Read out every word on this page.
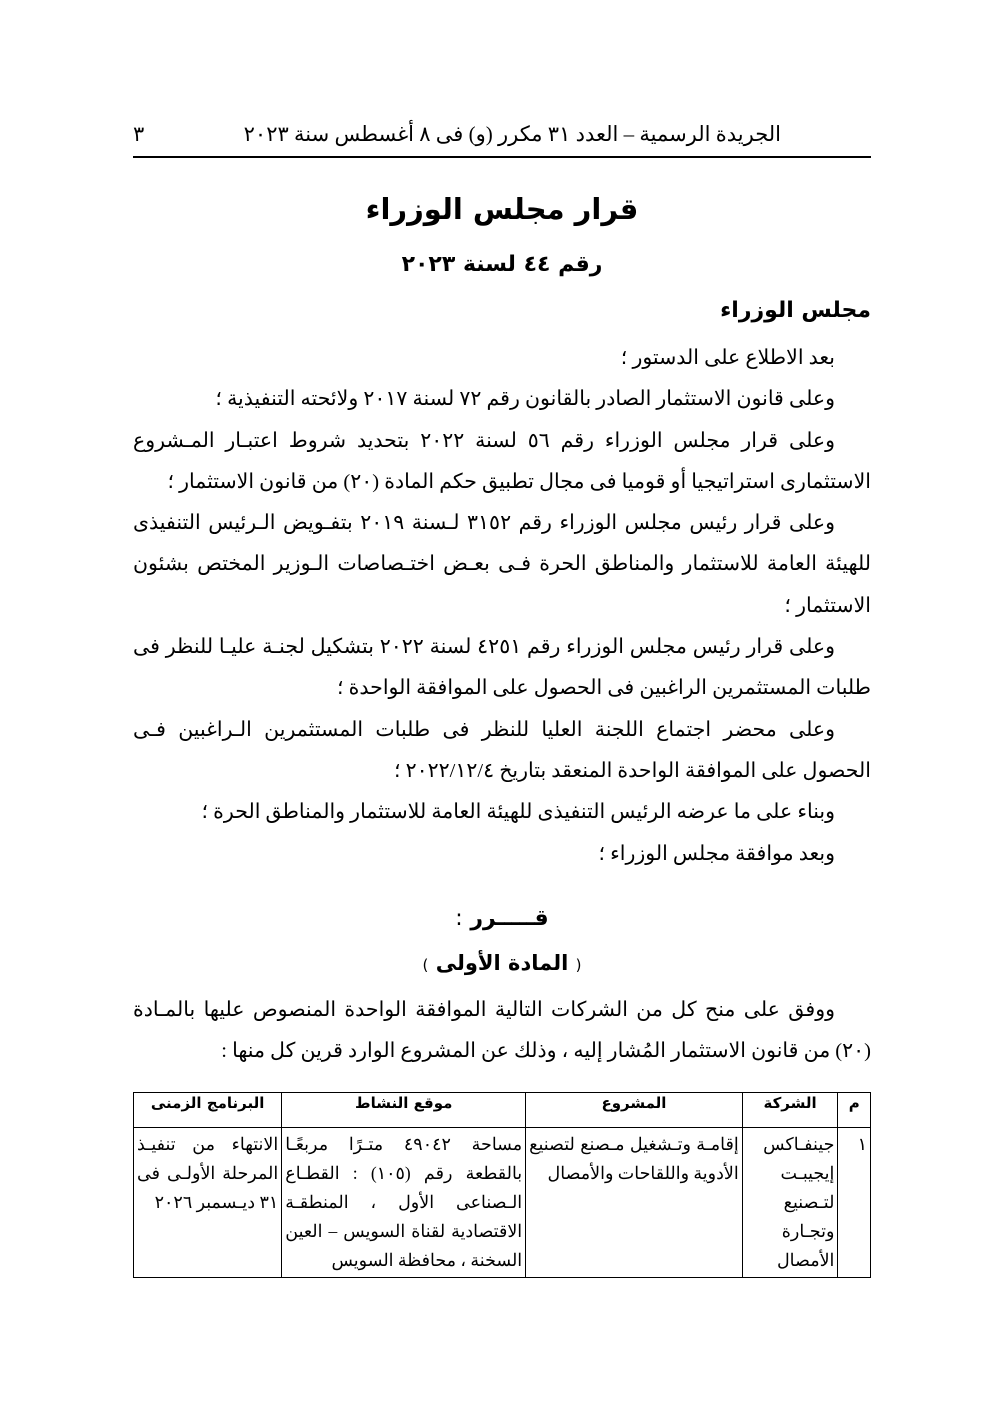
الجريدة الرسمية – العدد ٣١ مكرر (و) فى ٨ أغسطس سنة ٢٠٢٣
٣
قرار مجلس الوزراء
رقم ٤٤ لسنة ٢٠٢٣
مجلس الوزراء

بعد الاطلاع على الدستور ؛

وعلى قانون الاستثمار الصادر بالقانون رقم ٧٢ لسنة ٢٠١٧ ولائحته التنفيذية ؛

وعلى قرار مجلس الوزراء رقم ٥٦ لسنة ٢٠٢٢ بتحديد شروط اعتبـار المـشروع الاستثمارى استراتيجيا أو قوميا فى مجال تطبيق حكم المادة (٢٠) من قانون الاستثمار ؛

وعلى قرار رئيس مجلس الوزراء رقم ٣١٥٢ لـسنة ٢٠١٩ بتفـويض الـرئيس التنفيذى للهيئة العامة للاستثمار والمناطق الحرة فـى بعـض اختـصاصات الـوزير المختص بشئون الاستثمار ؛

وعلى قرار رئيس مجلس الوزراء رقم ٤٢٥١ لسنة ٢٠٢٢ بتشكيل لجنـة عليـا للنظر فى طلبات المستثمرين الراغبين فى الحصول على الموافقة الواحدة ؛

وعلى محضر اجتماع اللجنة العليا للنظر فى طلبات المستثمرين الـراغبين فـى الحصول على الموافقة الواحدة المنعقد بتاريخ ٢٠٢٢/١٢/٤ ؛

وبناء على ما عرضه الرئيس التنفيذى للهيئة العامة للاستثمار والمناطق الحرة ؛

وبعد موافقة مجلس الوزراء ؛

قـــــرر :
( المادة الأولى )

ووفق على منح كل من الشركات التالية الموافقة الواحدة المنصوص عليها بالمـادة (٢٠) من قانون الاستثمار المُشار إليه ، وذلك عن المشروع الوارد قرين كل منها :

م	الشركة	المشروع	موقع النشاط	البرنامج الزمنى
١	جينفـاكس إيجيبـت لتـصنيع وتجـارة الأمصال	إقامـة وتـشغيل مـصنع لتصنيع الأدوية واللقاحات والأمصال	مساحة ٤٩٠٤٢ متـرًا مربعًـا بالقطعة رقم (١٠٥) : القطـاع الـصناعى الأول ، المنطقـة الاقتصادية لقناة السويس – العين السخنة ، محافظة السويس	الانتهاء من تنفيـذ المرحلة الأولـى فى ٣١ ديـسمبر ٢٠٢٦
